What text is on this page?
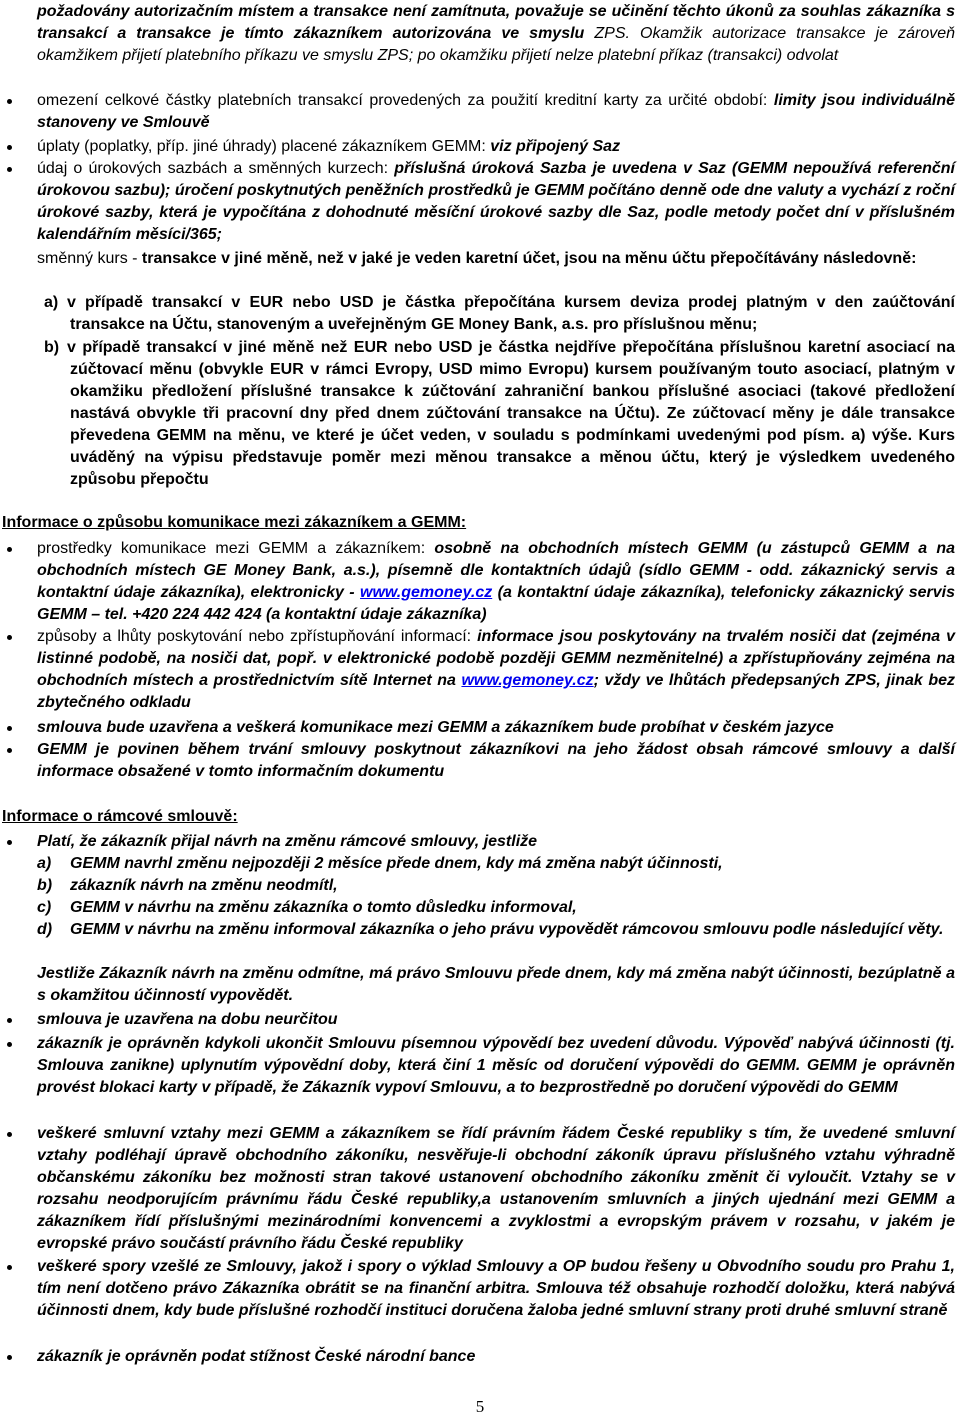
požadovány autorizačním místem a transakce není zamítnuta, považuje se učinění těchto úkonů za souhlas zákazníka s transakcí a transakce je tímto zákazníkem autorizována ve smyslu ZPS. Okamžik autorizace transakce je zároveň okamžikem přijetí platebního příkazu ve smyslu ZPS; po okamžiku přijetí nelze platební příkaz (transakci) odvolat
omezení celkové částky platebních transakcí provedených za použití kreditní karty za určité období: limity jsou individuálně stanoveny ve Smlouvě
úplaty (poplatky, příp. jiné úhrady) placené zákazníkem GEMM: viz připojený Saz
údaj o úrokových sazbách a směnných kurzech: příslušná úroková Sazba je uvedena v Saz (GEMM nepoužívá referenční úrokovou sazbu); úročení poskytnutých peněžních prostředků je GEMM počítáno denně ode dne valuty a vychází z roční úrokové sazby, která je vypočítána z dohodnuté měsíční úrokové sazby dle Saz, podle metody počet dní v příslušném kalendářním měsíci/365;
směnný kurs - transakce v jiné měně, než v jaké je veden karetní účet, jsou na měnu účtu přepočítávány následovně:
a) v případě transakcí v EUR nebo USD je částka přepočítána kursem deviza prodej platným v den zaúčtování transakce na Účtu, stanoveným a uveřejněným GE Money Bank, a.s. pro příslušnou měnu;
b) v případě transakcí v jiné měně než EUR nebo USD je částka nejdříve přepočítána příslušnou karetní asociací na zúčtovací měnu (obvykle EUR v rámci Evropy, USD mimo Evropu) kursem používaným touto asociací, platným v okamžiku předložení příslušné transakce k zúčtování zahraniční bankou příslušné asociaci (takové předložení nastává obvykle tři pracovní dny před dnem zúčtování transakce na Účtu). Ze zúčtovací měny je dále transakce převedena GEMM na měnu, ve které je účet veden, v souladu s podmínkami uvedenými pod písm. a) výše. Kurs uváděný na výpisu představuje poměr mezi měnou transakce a měnou účtu, který je výsledkem uvedeného způsobu přepočtu
Informace o způsobu komunikace mezi zákazníkem a GEMM:
prostředky komunikace mezi GEMM a zákazníkem: osobně na obchodních místech GEMM (u zástupců GEMM a na obchodních místech GE Money Bank, a.s.), písemně dle kontaktních údajů (sídlo GEMM - odd. zákaznický servis a kontaktní údaje zákazníka), elektronicky - www.gemoney.cz (a kontaktní údaje zákazníka), telefonicky zákaznický servis GEMM – tel. +420 224 442 424 (a kontaktní údaje zákazníka)
způsoby a lhůty poskytování nebo zpřístupňování informací: informace jsou poskytovány na trvalém nosiči dat (zejména v listinné podobě, na nosiči dat, popř. v elektronické podobě později GEMM nezměnitelné) a zpřístupňovány zejména na obchodních místech a prostřednictvím sítě Internet na www.gemoney.cz; vždy ve lhůtách předepsaných ZPS, jinak bez zbytečného odkladu
smlouva bude uzavřena a veškerá komunikace mezi GEMM a zákazníkem bude probíhat v českém jazyce
GEMM je povinen během trvání smlouvy poskytnout zákazníkovi na jeho žádost obsah rámcové smlouvy a další informace obsažené v tomto informačním dokumentu
Informace o rámcové smlouvě:
Platí, že zákazník přijal návrh na změnu rámcové smlouvy, jestliže
a) GEMM navrhl změnu nejpozději 2 měsíce přede dnem, kdy má změna nabýt účinnosti,
b) zákazník návrh na změnu neodmítl,
c) GEMM v návrhu na změnu zákazníka o tomto důsledku informoval,
d) GEMM v návrhu na změnu informoval zákazníka o jeho právu vypovědět rámcovou smlouvu podle následující věty.
Jestliže Zákazník návrh na změnu odmítne, má právo Smlouvu přede dnem, kdy má změna nabýt účinnosti, bezúplatně a s okamžitou účinností vypovědět.
smlouva je uzavřena na dobu neurčitou
zákazník je oprávněn kdykoli ukončit Smlouvu písemnou výpovědí bez uvedení důvodu. Výpověď nabývá účinnosti (tj. Smlouva zanikne) uplynutím výpovědní doby, která činí 1 měsíc od doručení výpovědi do GEMM. GEMM je oprávněn provést blokaci karty v případě, že Zákazník vypoví Smlouvu, a to bezprostředně po doručení výpovědi do GEMM
veškeré smluvní vztahy mezi GEMM a zákazníkem se řídí právním řádem České republiky s tím, že uvedené smluvní vztahy podléhají úpravě obchodního zákoníku, nesvěřuje-li obchodní zákoník úpravu příslušného vztahu výhradně občanskému zákoníku bez možnosti stran takové ustanovení obchodního zákoníku změnit či vyloučit. Vztahy se v rozsahu neodporujícím právnímu řádu České republiky,a ustanovením smluvních a jiných ujednání mezi GEMM a zákazníkem řídí příslušnými mezinárodními konvencemi a zvyklostmi a evropským právem v rozsahu, v jakém je evropské právo součástí právního řádu České republiky
veškeré spory vzešlé ze Smlouvy, jakož i spory o výklad Smlouvy a OP budou řešeny u Obvodního soudu pro Prahu 1, tím není dotčeno právo Zákazníka obrátit se na finanční arbitra. Smlouva též obsahuje rozhodčí doložku, která nabývá účinnosti dnem, kdy bude příslušné rozhodčí instituci doručena žaloba jedné smluvní strany proti druhé smluvní straně
zákazník je oprávněn podat stížnost České národní bance
5
